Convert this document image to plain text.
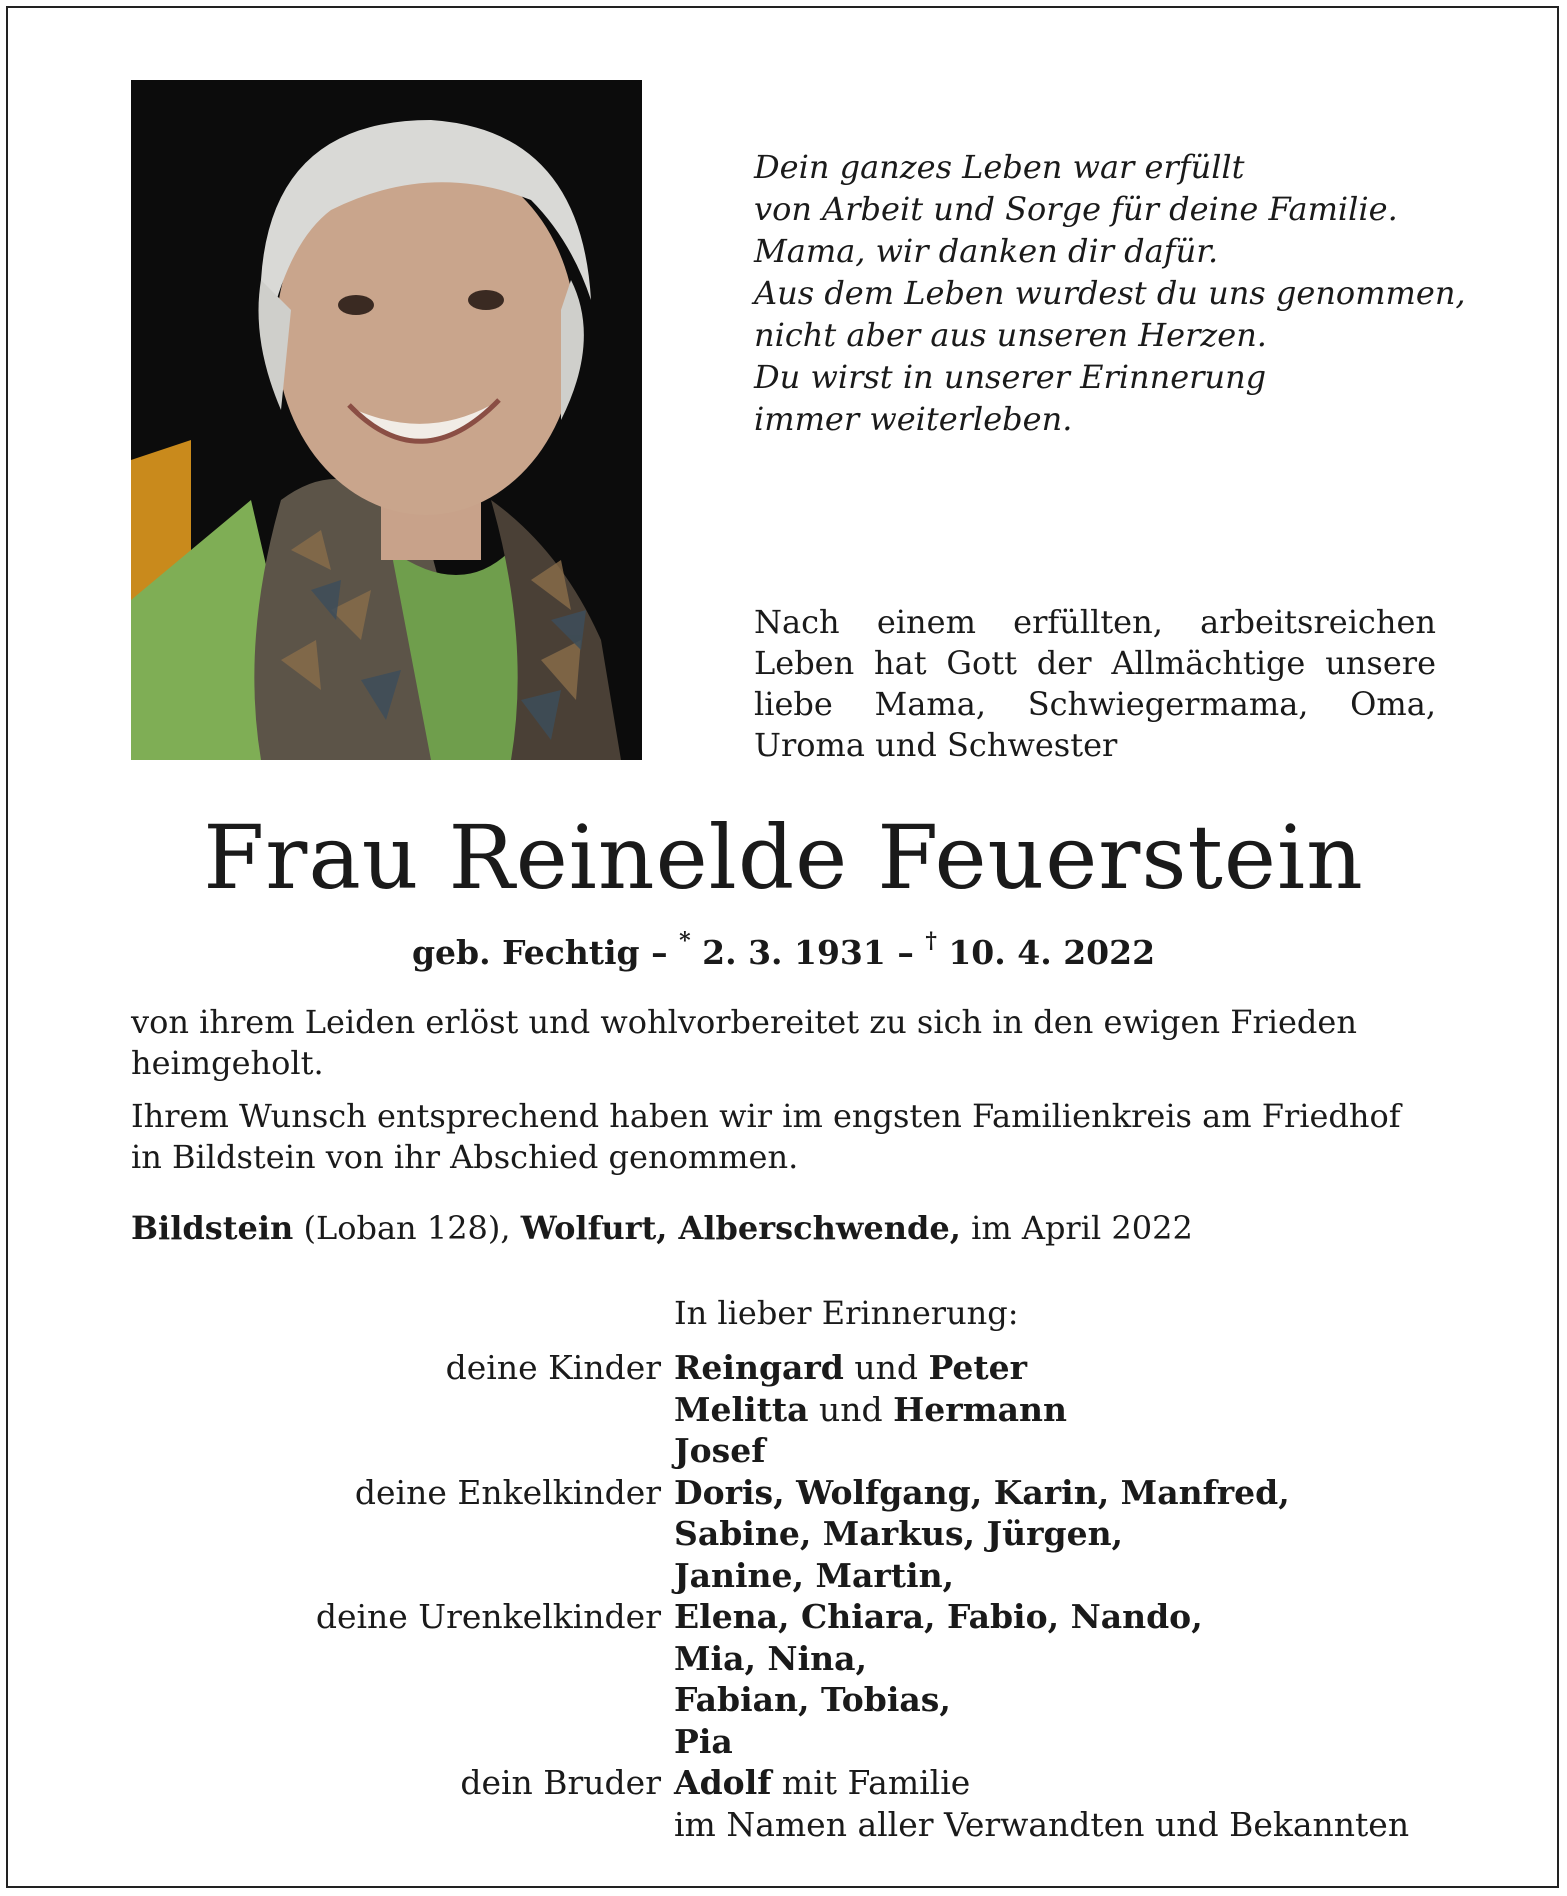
Dein ganzes Leben war erfüllt
von Arbeit und Sorge für deine Familie.
Mama, wir danken dir dafür.
Aus dem Leben wurdest du uns genommen,
nicht aber aus unseren Herzen.
Du wirst in unserer Erinnerung
immer weiterleben.
Nach einem erfüllten, arbeitsreichen Leben hat Gott der Allmächtige unsere liebe Mama, Schwiegermama, Oma, Uroma und Schwester
Frau Reinelde Feuerstein
geb. Fechtig – * 2. 3. 1931 – † 10. 4. 2022
von ihrem Leiden erlöst und wohlvorbereitet zu sich in den ewigen Frieden heimgeholt.
Ihrem Wunsch entsprechend haben wir im engsten Familienkreis am Friedhof in Bildstein von ihr Abschied genommen.
Bildstein (Loban 128), Wolfurt, Alberschwende, im April 2022
In lieber Erinnerung:
deine Kinder Reingard und Peter
Melitta und Hermann
Josef
deine Enkelkinder Doris, Wolfgang, Karin, Manfred,
Sabine, Markus, Jürgen,
Janine, Martin,
deine Urenkelkinder Elena, Chiara, Fabio, Nando,
Mia, Nina,
Fabian, Tobias,
Pia
dein Bruder Adolf mit Familie
im Namen aller Verwandten und Bekannten
